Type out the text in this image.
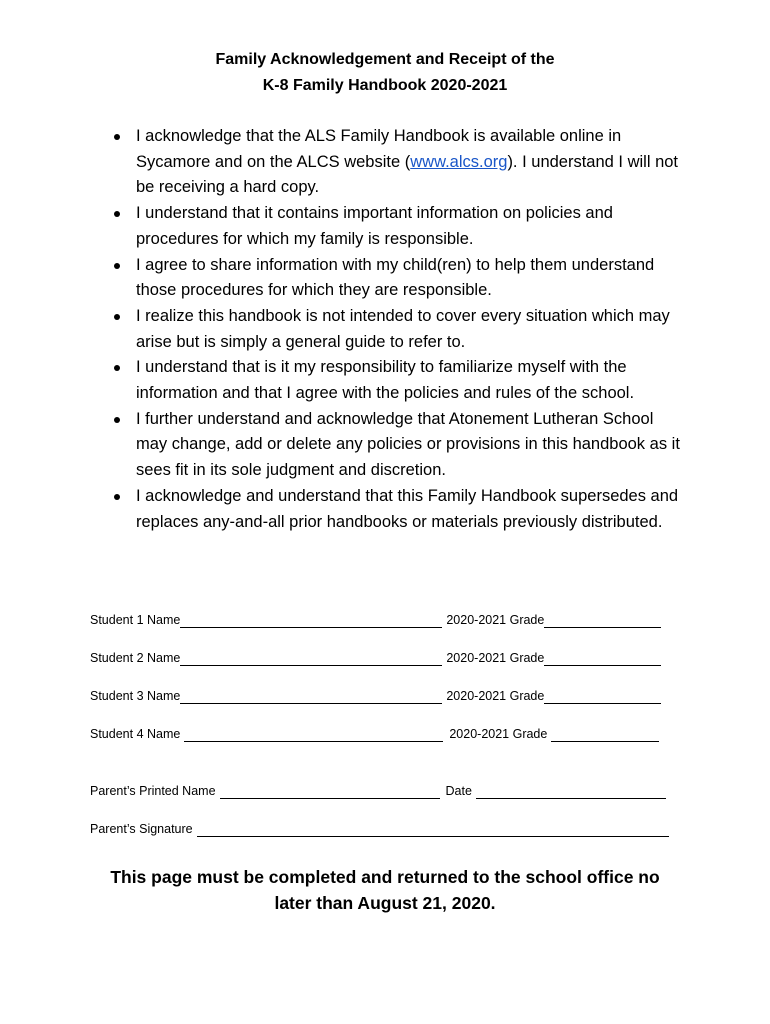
Family Acknowledgement and Receipt of the
K-8 Family Handbook 2020-2021
I acknowledge that the ALS Family Handbook is available online in Sycamore and on the ALCS website (www.alcs.org). I understand I will not be receiving a hard copy.
I understand that it contains important information on policies and procedures for which my family is responsible.
I agree to share information with my child(ren) to help them understand those procedures for which they are responsible.
I realize this handbook is not intended to cover every situation which may arise but is simply a general guide to refer to.
I understand that is it my responsibility to familiarize myself with the information and that I agree with the policies and rules of the school.
I further understand and acknowledge that Atonement Lutheran School may change, add or delete any policies or provisions in this handbook as it sees fit in its sole judgment and discretion.
I acknowledge and understand that this Family Handbook supersedes and replaces any-and-all prior handbooks or materials previously distributed.
Student 1 Name	2020-2021 Grade
Student 2 Name	2020-2021 Grade
Student 3 Name	2020-2021 Grade
Student 4 Name	2020-2021 Grade
Parent’s Printed Name	Date
Parent’s Signature
This page must be completed and returned to the school office no
later than August 21, 2020.
